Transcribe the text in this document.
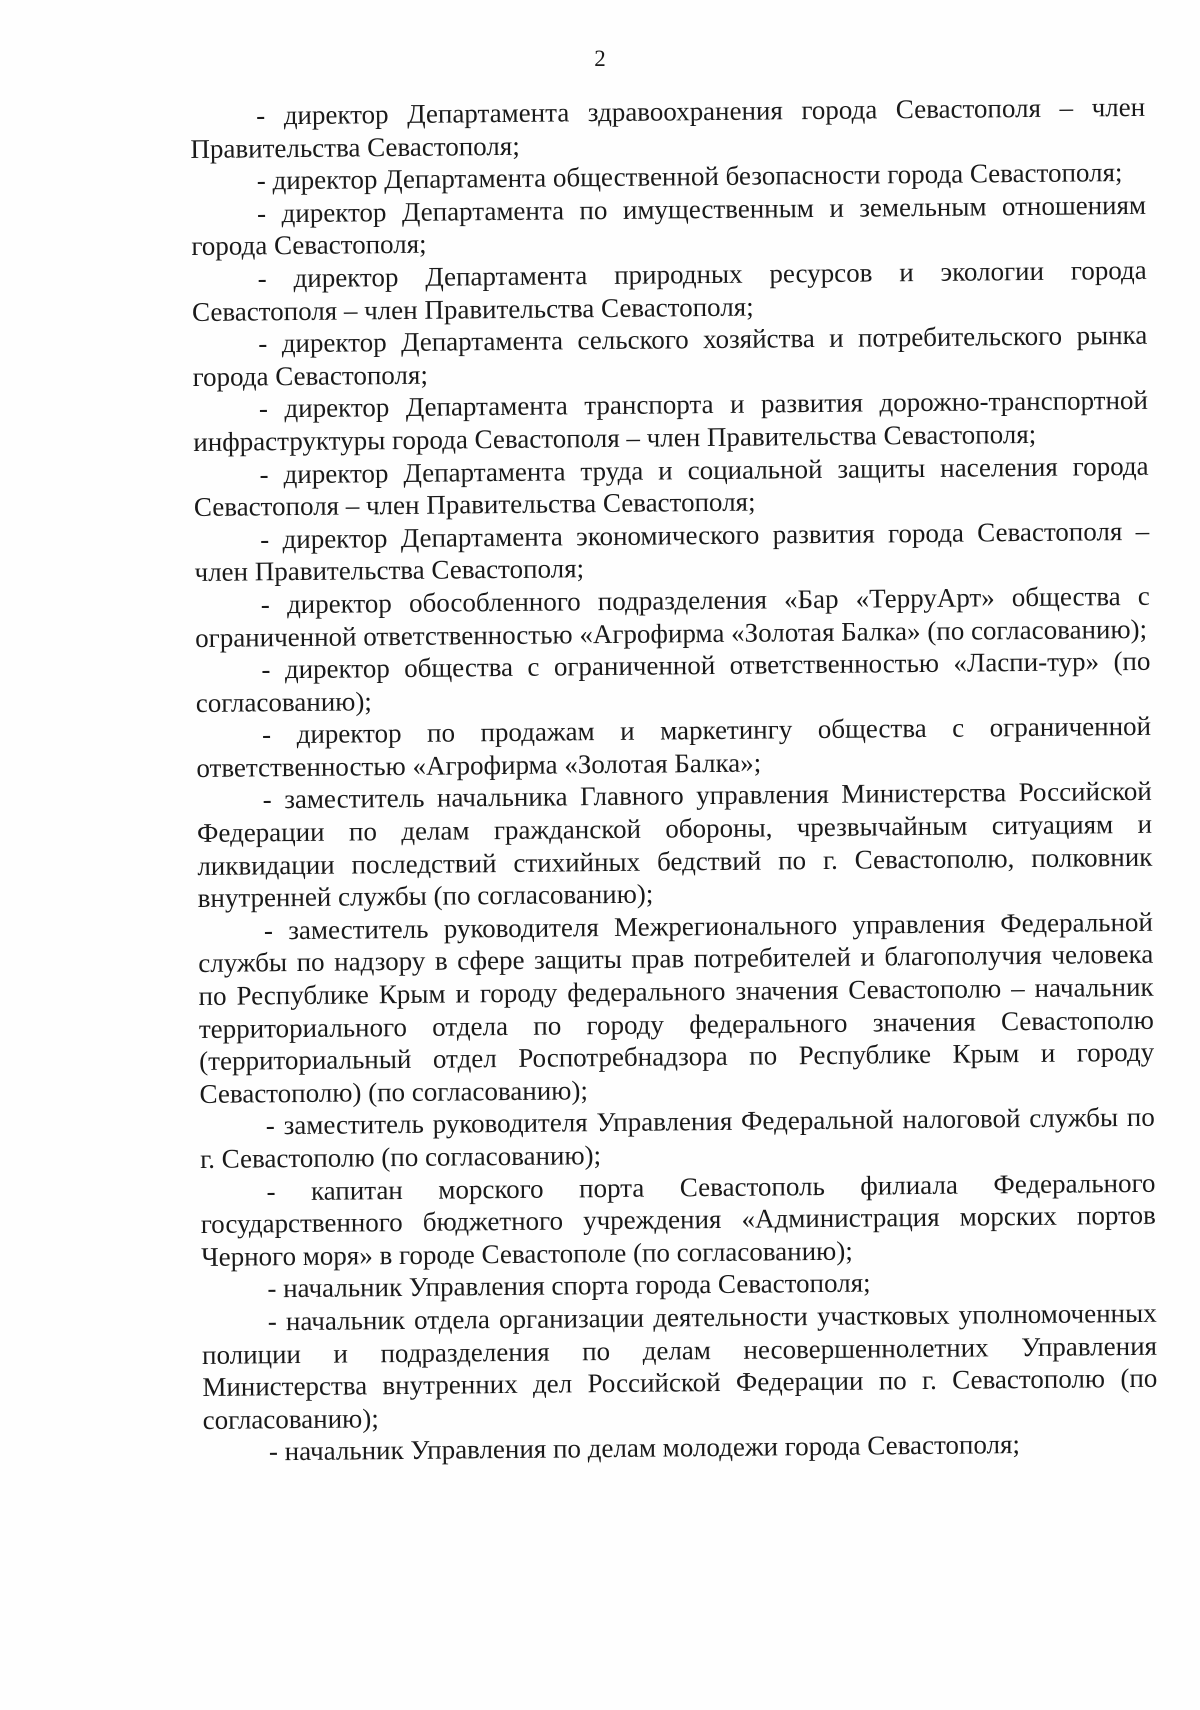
2

- директор Департамента здравоохранения города Севастополя – член Правительства Севастополя;

- директор Департамента общественной безопасности города Севастополя;

- директор Департамента по имущественным и земельным отношениям города Севастополя;

- директор Департамента природных ресурсов и экологии города Севастополя – член Правительства Севастополя;

- директор Департамента сельского хозяйства и потребительского рынка города Севастополя;

- директор Департамента транспорта и развития дорожно-транспортной инфраструктуры города Севастополя – член Правительства Севастополя;

- директор Департамента труда и социальной защиты населения города Севастополя – член Правительства Севастополя;

- директор Департамента экономического развития города Севастополя – член Правительства Севастополя;

- директор обособленного подразделения «Бар «ТерруАрт» общества с ограниченной ответственностью «Агрофирма «Золотая Балка» (по согласованию);

- директор общества с ограниченной ответственностью «Ласпи-тур» (по согласованию);

- директор по продажам и маркетингу общества с ограниченной ответственностью «Агрофирма «Золотая Балка»;

- заместитель начальника Главного управления Министерства Российской Федерации по делам гражданской обороны, чрезвычайным ситуациям и ликвидации последствий стихийных бедствий по г. Севастополю, полковник внутренней службы (по согласованию);

- заместитель руководителя Межрегионального управления Федеральной службы по надзору в сфере защиты прав потребителей и благополучия человека по Республике Крым и городу федерального значения Севастополю – начальник территориального отдела по городу федерального значения Севастополю (территориальный отдел Роспотребнадзора по Республике Крым и городу Севастополю) (по согласованию);

- заместитель руководителя Управления Федеральной налоговой службы по г. Севастополю (по согласованию);

- капитан морского порта Севастополь филиала Федерального государственного бюджетного учреждения «Администрация морских портов Черного моря» в городе Севастополе (по согласованию);

- начальник Управления спорта города Севастополя;

- начальник отдела организации деятельности участковых уполномоченных полиции и подразделения по делам несовершеннолетних Управления Министерства внутренних дел Российской Федерации по г. Севастополю (по согласованию);

- начальник Управления по делам молодежи города Севастополя;
